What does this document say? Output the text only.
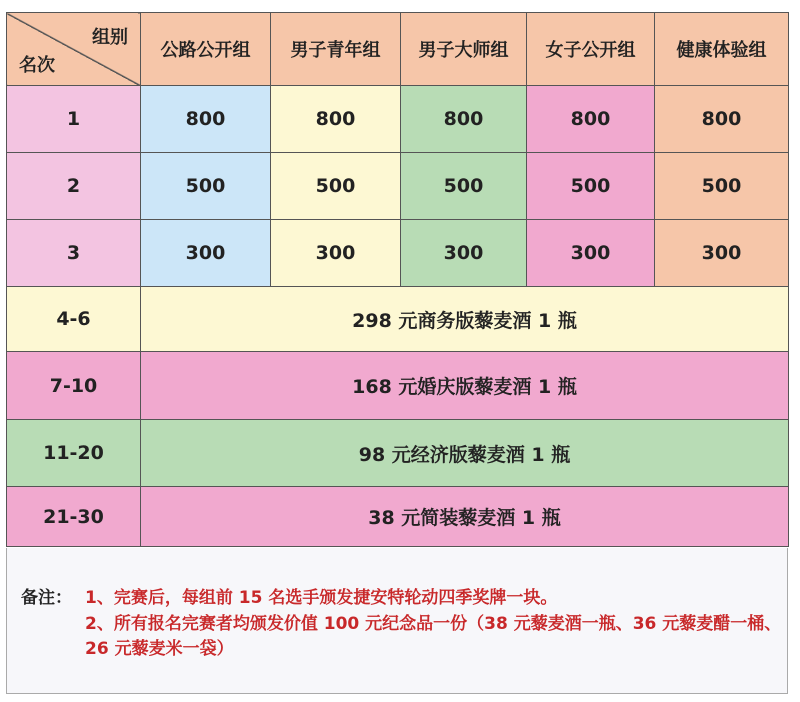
组别
名次	公路公开组	男子青年组	男子大师组	女子公开组	健康体验组
1	800	800	800	800	800
2	500	500	500	500	500
3	300	300	300	300	300
4-6	298 元商务版藜麦酒 1 瓶				
7-10	168 元婚庆版藜麦酒 1 瓶				
11-20	98 元经济版藜麦酒 1 瓶				
21-30	38 元简装藜麦酒 1 瓶				
备注： 1、完赛后，每组前 15 名选手颁发捷安特轮动四季奖牌一块。
2、所有报名完赛者均颁发价值 100 元纪念品一份（38 元藜麦酒一瓶、36 元藜麦醋一桶、26 元藜麦米一袋）
